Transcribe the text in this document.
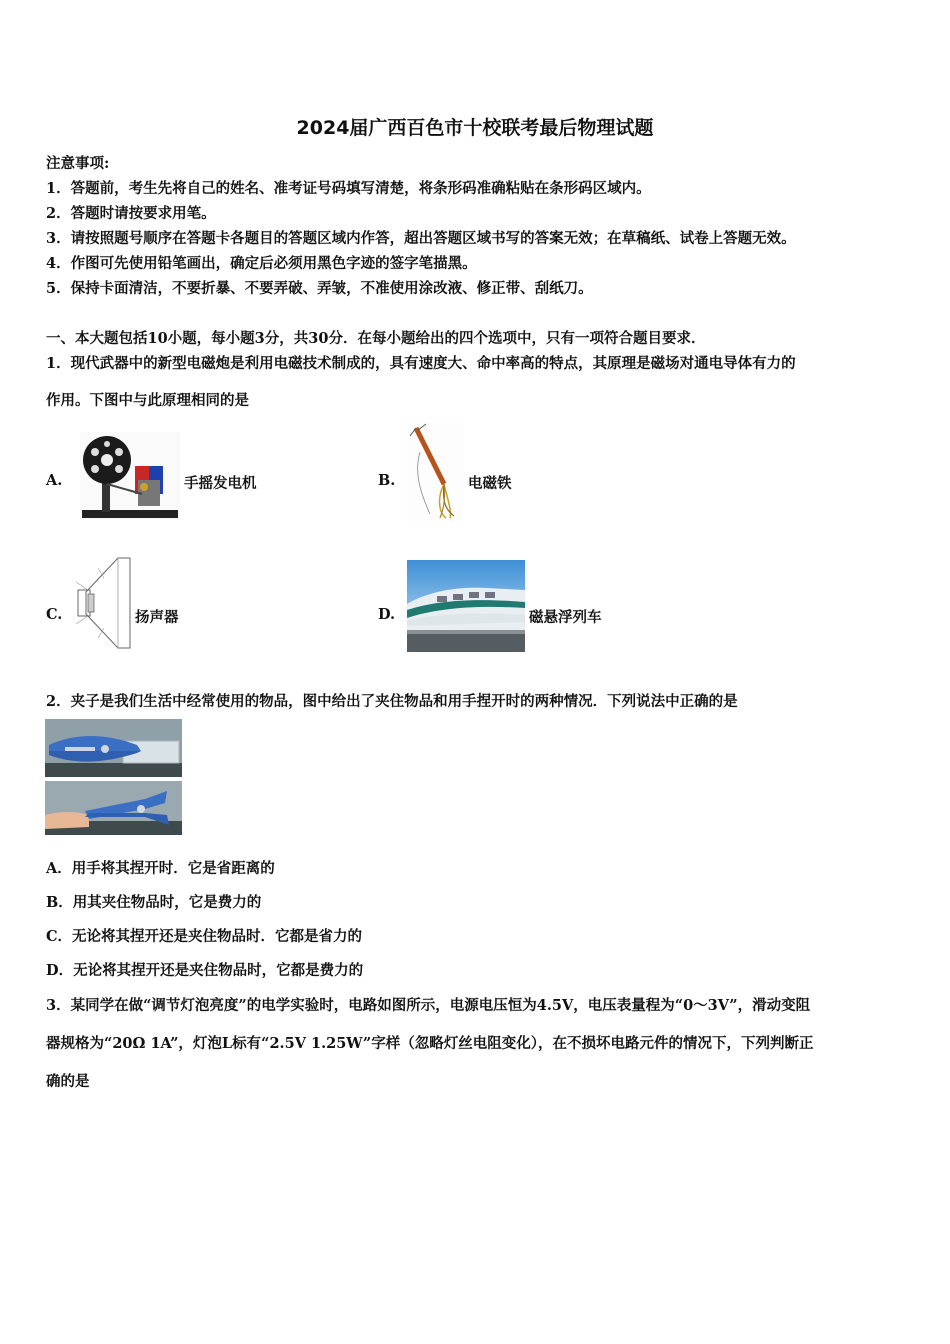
2024届广西百色市十校联考最后物理试题
注意事项:
1．答题前，考生先将自己的姓名、准考证号码填写清楚，将条形码准确粘贴在条形码区域内。
2．答题时请按要求用笔。
3．请按照题号顺序在答题卡各题目的答题区域内作答，超出答题区域书写的答案无效；在草稿纸、试卷上答题无效。
4．作图可先使用铅笔画出，确定后必须用黑色字迹的签字笔描黑。
5．保持卡面清洁，不要折暴、不要弄破、弄皱，不准使用涂改液、修正带、刮纸刀。
一、本大题包括10小题，每小题3分，共30分．在每小题给出的四个选项中，只有一项符合题目要求．
1．现代武器中的新型电磁炮是利用电磁技术制成的，具有速度大、命中率高的特点，其原理是磁场对通电导体有力的
作用。下图中与此原理相同的是
A.	手摇发电机	B.	电磁铁
C.	扬声器	D.	磁悬浮列车
2．夹子是我们生活中经常使用的物品，图中给出了夹住物品和用手捏开时的两种情况．下列说法中正确的是
A．用手将其捏开时．它是省距离的
B．用其夹住物品时，它是费力的
C．无论将其捏开还是夹住物品时．它都是省力的
D．无论将其捏开还是夹住物品时，它都是费力的
3．某同学在做“调节灯泡亮度”的电学实验时，电路如图所示，电源电压恒为4.5V，电压表量程为“0～3V”，滑动变阻
器规格为“20Ω 1A”，灯泡L标有“2.5V 1.25W”字样（忽略灯丝电阻变化），在不损坏电路元件的情况下，下列判断正
确的是
